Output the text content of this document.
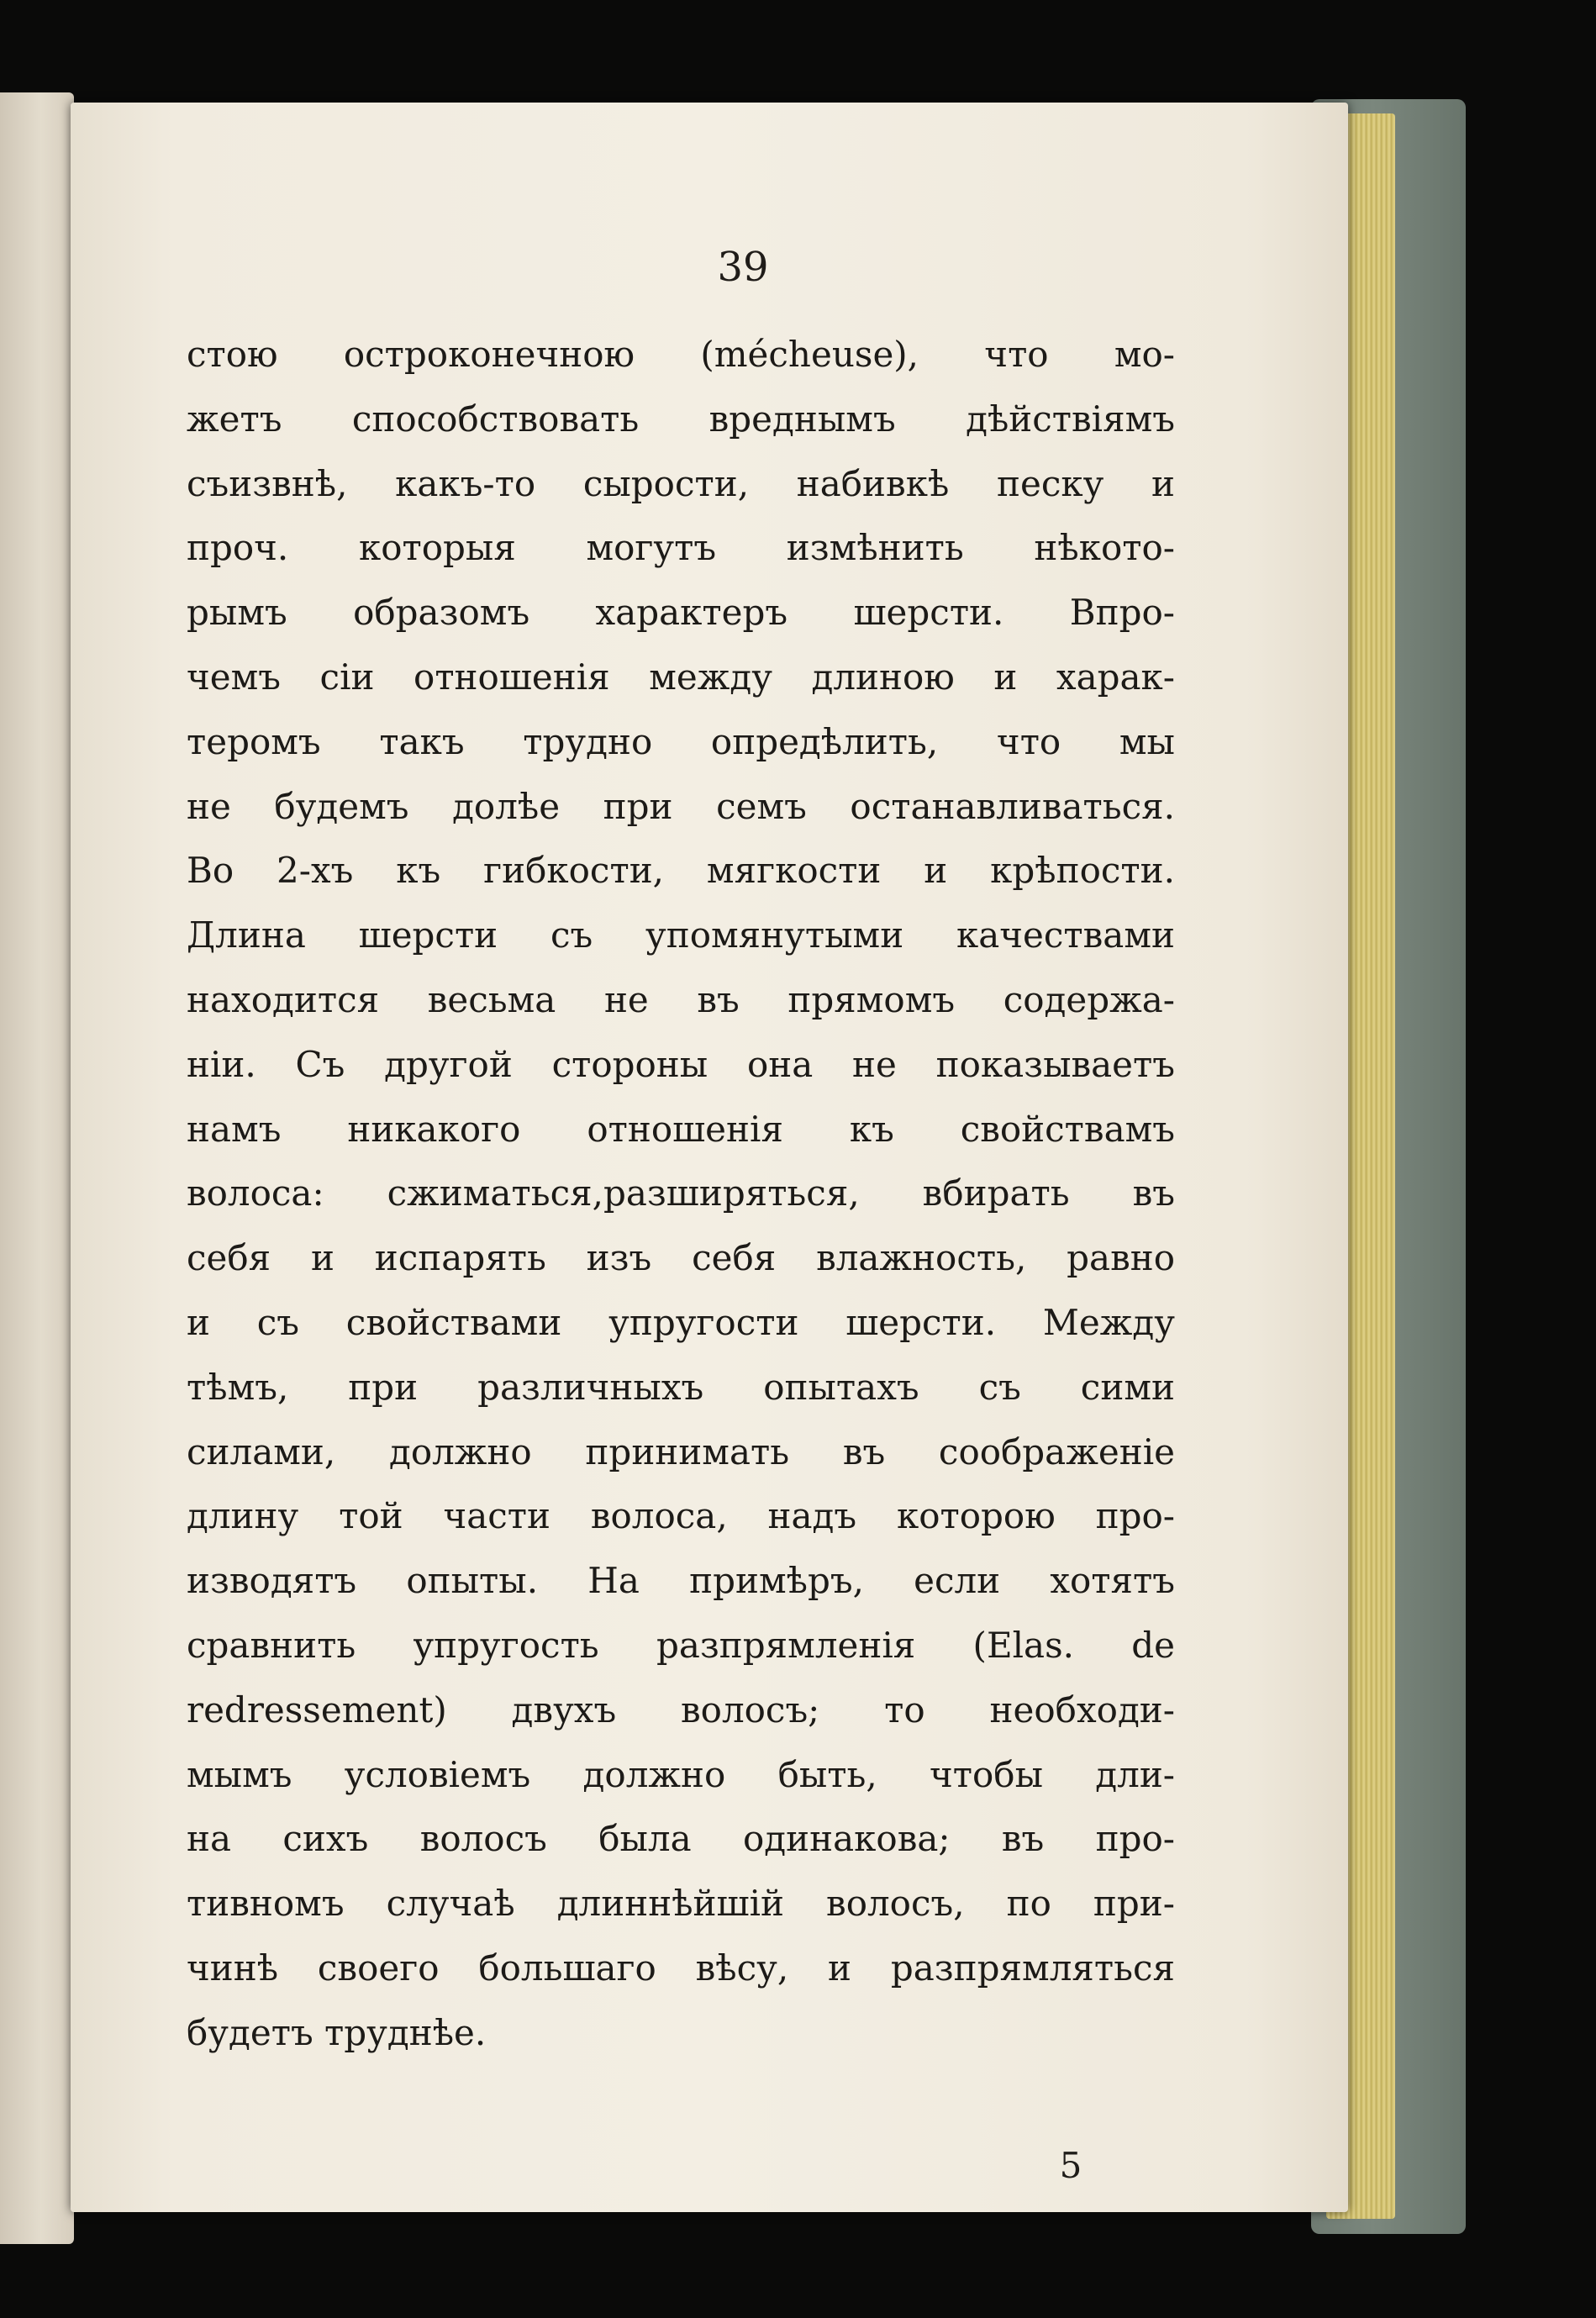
39
стою остроконечною (mécheuse), что мо-
жетъ способствовать вреднымъ дѣйствіямъ
съизвнѣ, какъ-то сырости, набивкѣ песку и
проч. которыя могутъ измѣнить нѣкото-
рымъ образомъ характеръ шерсти. Впро-
чемъ сіи отношенія между длиною и харак-
теромъ такъ трудно опредѣлить, что мы
не будемъ долѣе при семъ останавливаться.
Во 2-хъ къ гибкости, мягкости и крѣпости.
Длина шерсти съ упомянутыми качествами
находится весьма не въ прямомъ содержа-
ніи. Съ другой стороны она не показываетъ
намъ никакого отношенія къ свойствамъ
волоса: сжиматься,разширяться, вбирать въ
себя и испарять изъ себя влажность, равно
и съ свойствами упругости шерсти. Между
тѣмъ, при различныхъ опытахъ съ сими
силами, должно принимать въ соображеніе
длину той части волоса, надъ которою про-
изводятъ опыты. На примѣръ, если хотятъ
сравнить упругость разпрямленія (Elas. de
redressement) двухъ волосъ; то необходи-
мымъ условіемъ должно быть, чтобы дли-
на сихъ волосъ была одинакова; въ про-
тивномъ случаѣ длиннѣйшій волосъ, по при-
чинѣ своего большаго вѣсу, и разпрямляться
будетъ труднѣе.
5
